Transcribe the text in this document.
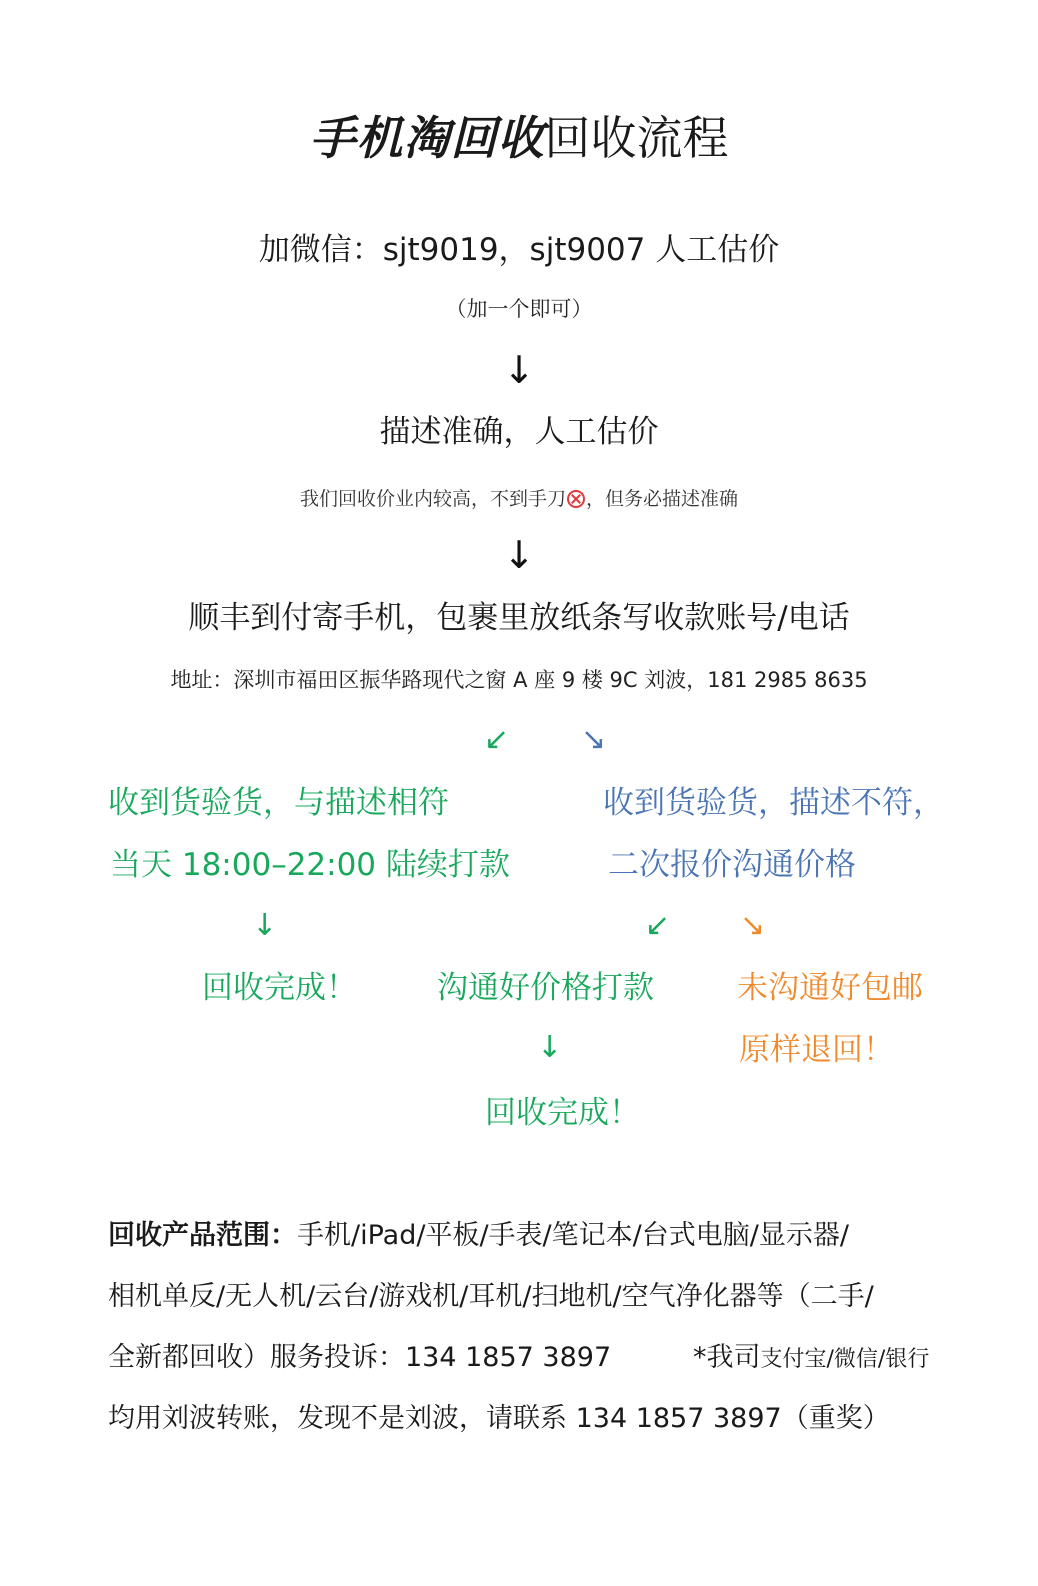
手机淘回收回收流程
加微信：sjt9019，sjt9007 人工估价
（加一个即可）
↓
描述准确，人工估价
我们回收价业内较高，不到手刀 ，但务必描述准确
↓
顺丰到付寄手机，包裹里放纸条写收款账号/电话
地址：深圳市福田区振华路现代之窗 A 座 9 楼 9C 刘波，181 2985 8635
↙ ↘
收到货验货，与描述相符
当天 18:00–22:00 陆续打款
↓
回收完成！
收到货验货，描述不符，
二次报价沟通价格
↙ ↘
沟通好价格打款
↓
回收完成！
未沟通好包邮
原样退回！
回收产品范围：手机/iPad/平板/手表/笔记本/台式电脑/显示器/
相机单反/无人机/云台/游戏机/耳机/扫地机/空气净化器等（二手/
全新都回收）服务投诉：134 1857 3897	*我司支付宝/微信/银行
均用刘波转账，发现不是刘波，请联系 134 1857 3897（重奖）
